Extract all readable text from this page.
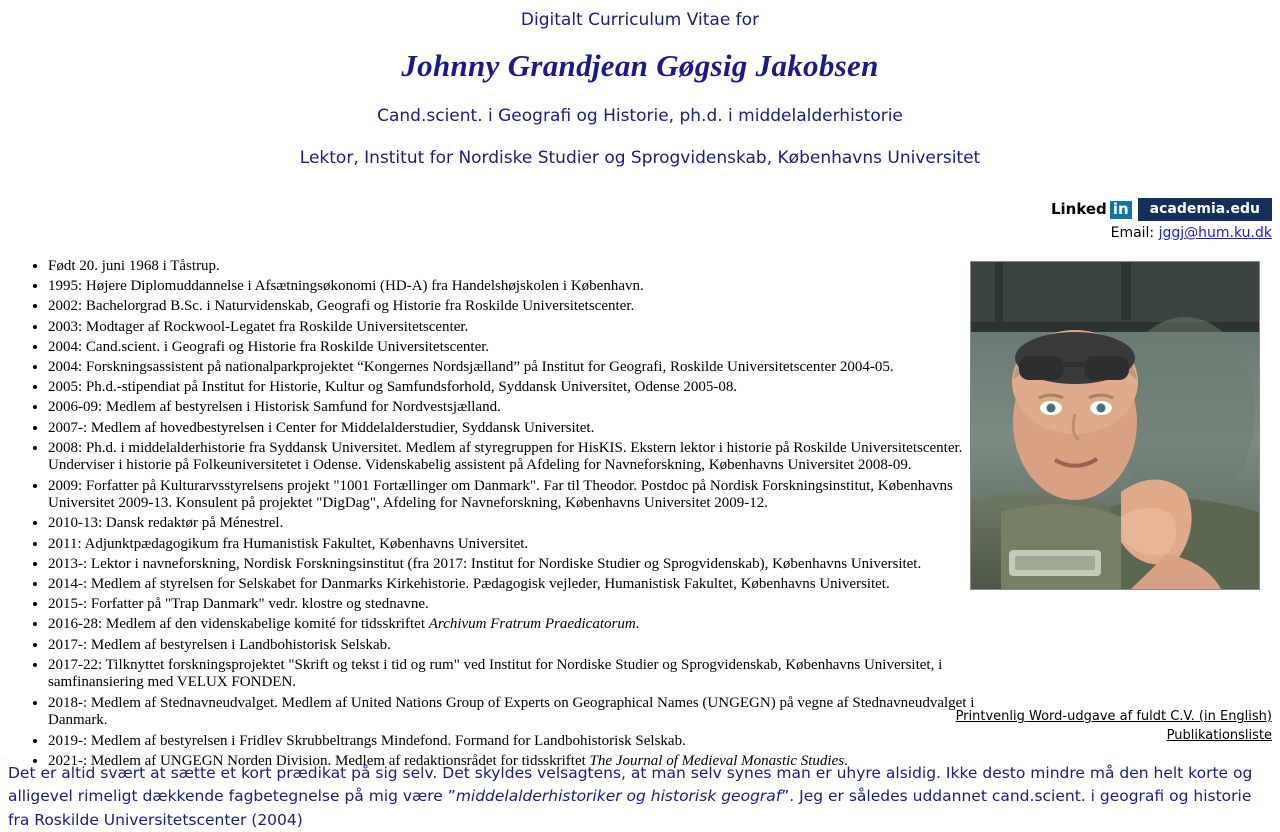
Digitalt Curriculum Vitae for
Johnny Grandjean Gøgsig Jakobsen
Cand.scient. i Geografi og Historie, ph.d. i middelalderhistorie
Lektor, Institut for Nordiske Studier og Sprogvidenskab, Københavns Universitet
Linked in	academia.edu
Email: jggj@hum.ku.dk
• Født 20. juni 1968 i Tåstrup.
• 1995: Højere Diplomuddannelse i Afsætningsøkonomi (HD-A) fra Handelshøjskolen i København.
• 2002: Bachelorgrad B.Sc. i Naturvidenskab, Geografi og Historie fra Roskilde Universitetscenter.
• 2003: Modtager af Rockwool-Legatet fra Roskilde Universitetscenter.
• 2004: Cand.scient. i Geografi og Historie fra Roskilde Universitetscenter.
• 2004: Forskningsassistent på nationalparkprojektet “Kongernes Nordsjælland” på Institut for Geografi, Roskilde Universitetscenter 2004-05.
• 2005: Ph.d.-stipendiat på Institut for Historie, Kultur og Samfundsforhold, Syddansk Universitet, Odense 2005-08.
• 2006-09: Medlem af bestyrelsen i Historisk Samfund for Nordvestsjælland.
• 2007-: Medlem af hovedbestyrelsen i Center for Middelalderstudier, Syddansk Universitet.
• 2008: Ph.d. i middelalderhistorie fra Syddansk Universitet. Medlem af styregruppen for HisKIS. Ekstern lektor i historie på Roskilde Universitetscenter. Underviser i historie på Folkeuniversitetet i Odense. Videnskabelig assistent på Afdeling for Navneforskning, Københavns Universitet 2008-09.
• 2009: Forfatter på Kulturarvsstyrelsens projekt "1001 Fortællinger om Danmark". Far til Theodor. Postdoc på Nordisk Forskningsinstitut, Københavns Universitet 2009-13. Konsulent på projektet "DigDag", Afdeling for Navneforskning, Københavns Universitet 2009-12.
• 2010-13: Dansk redaktør på Ménestrel.
• 2011: Adjunktpædagogikum fra Humanistisk Fakultet, Københavns Universitet.
• 2013-: Lektor i navneforskning, Nordisk Forskningsinstitut (fra 2017: Institut for Nordiske Studier og Sprogvidenskab), Københavns Universitet.
• 2014-: Medlem af styrelsen for Selskabet for Danmarks Kirkehistorie. Pædagogisk vejleder, Humanistisk Fakultet, Københavns Universitet.
• 2015-: Forfatter på "Trap Danmark" vedr. klostre og stednavne.
• 2016-28: Medlem af den videnskabelige komité for tidsskriftet Archivum Fratrum Praedicatorum.
• 2017-: Medlem af bestyrelsen i Landbohistorisk Selskab.
• 2017-22: Tilknyttet forskningsprojektet "Skrift og tekst i tid og rum" ved Institut for Nordiske Studier og Sprogvidenskab, Københavns Universitet, i samfinansiering med VELUX FONDEN.
• 2018-: Medlem af Stednavneudvalget. Medlem af United Nations Group of Experts on Geographical Names (UNGEGN) på vegne af Stednavneudvalget i Danmark.
• 2019-: Medlem af bestyrelsen i Fridlev Skrubbeltrangs Mindefond. Formand for Landbohistorisk Selskab.
• 2021-: Medlem af UNGEGN Norden Division. Medlem af redaktionsrådet for tidsskriftet The Journal of Medieval Monastic Studies.
Printvenlig Word-udgave af fuldt C.V. (in English)
Publikationsliste
Det er altid svært at sætte et kort prædikat på sig selv. Det skyldes velsagtens, at man selv synes man er uhyre alsidig. Ikke desto mindre må den helt korte og alligevel rimeligt dækkende fagbetegnelse på mig være ”middelalderhistoriker og historisk geograf”. Jeg er således uddannet cand.scient. i geografi og historie fra Roskilde Universitetscenter (2004)
